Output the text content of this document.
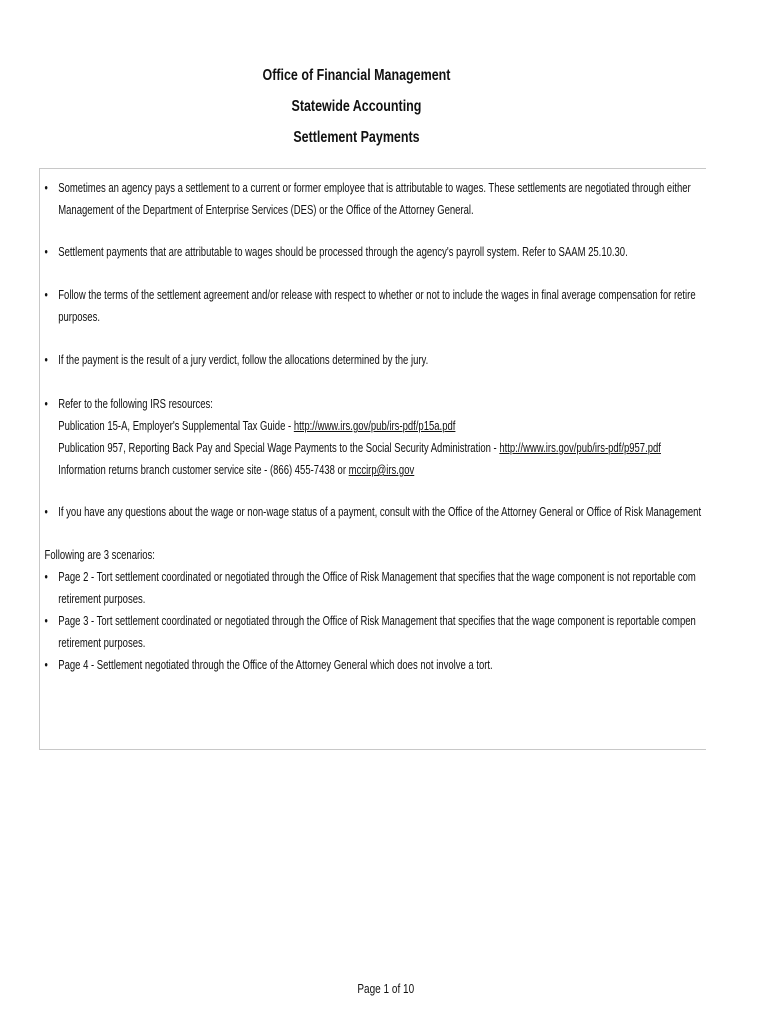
Office of Financial Management
Statewide Accounting
Settlement Payments
• Sometimes an agency pays a settlement to a current or former employee that is attributable to wages. These settlements are negotiated through either
Management of the Department of Enterprise Services (DES) or the Office of the Attorney General.
• Settlement payments that are attributable to wages should be processed through the agency's payroll system. Refer to SAAM 25.10.30.
• Follow the terms of the settlement agreement and/or release with respect to whether or not to include the wages in final average compensation for retire
purposes.
• If the payment is the result of a jury verdict, follow the allocations determined by the jury.
• Refer to the following IRS resources:
Publication 15-A, Employer's Supplemental Tax Guide - http://www.irs.gov/pub/irs-pdf/p15a.pdf
Publication 957, Reporting Back Pay and Special Wage Payments to the Social Security Administration - http://www.irs.gov/pub/irs-pdf/p957.pdf
Information returns branch customer service site - (866) 455-7438 or mccirp@irs.gov
• If you have any questions about the wage or non-wage status of a payment, consult with the Office of the Attorney General or Office of Risk Management
Following are 3 scenarios:
• Page 2 - Tort settlement coordinated or negotiated through the Office of Risk Management that specifies that the wage component is not reportable com
retirement purposes.
• Page 3 - Tort settlement coordinated or negotiated through the Office of Risk Management that specifies that the wage component is reportable compen
retirement purposes.
• Page 4 - Settlement negotiated through the Office of the Attorney General which does not involve a tort.
Page 1 of 10
